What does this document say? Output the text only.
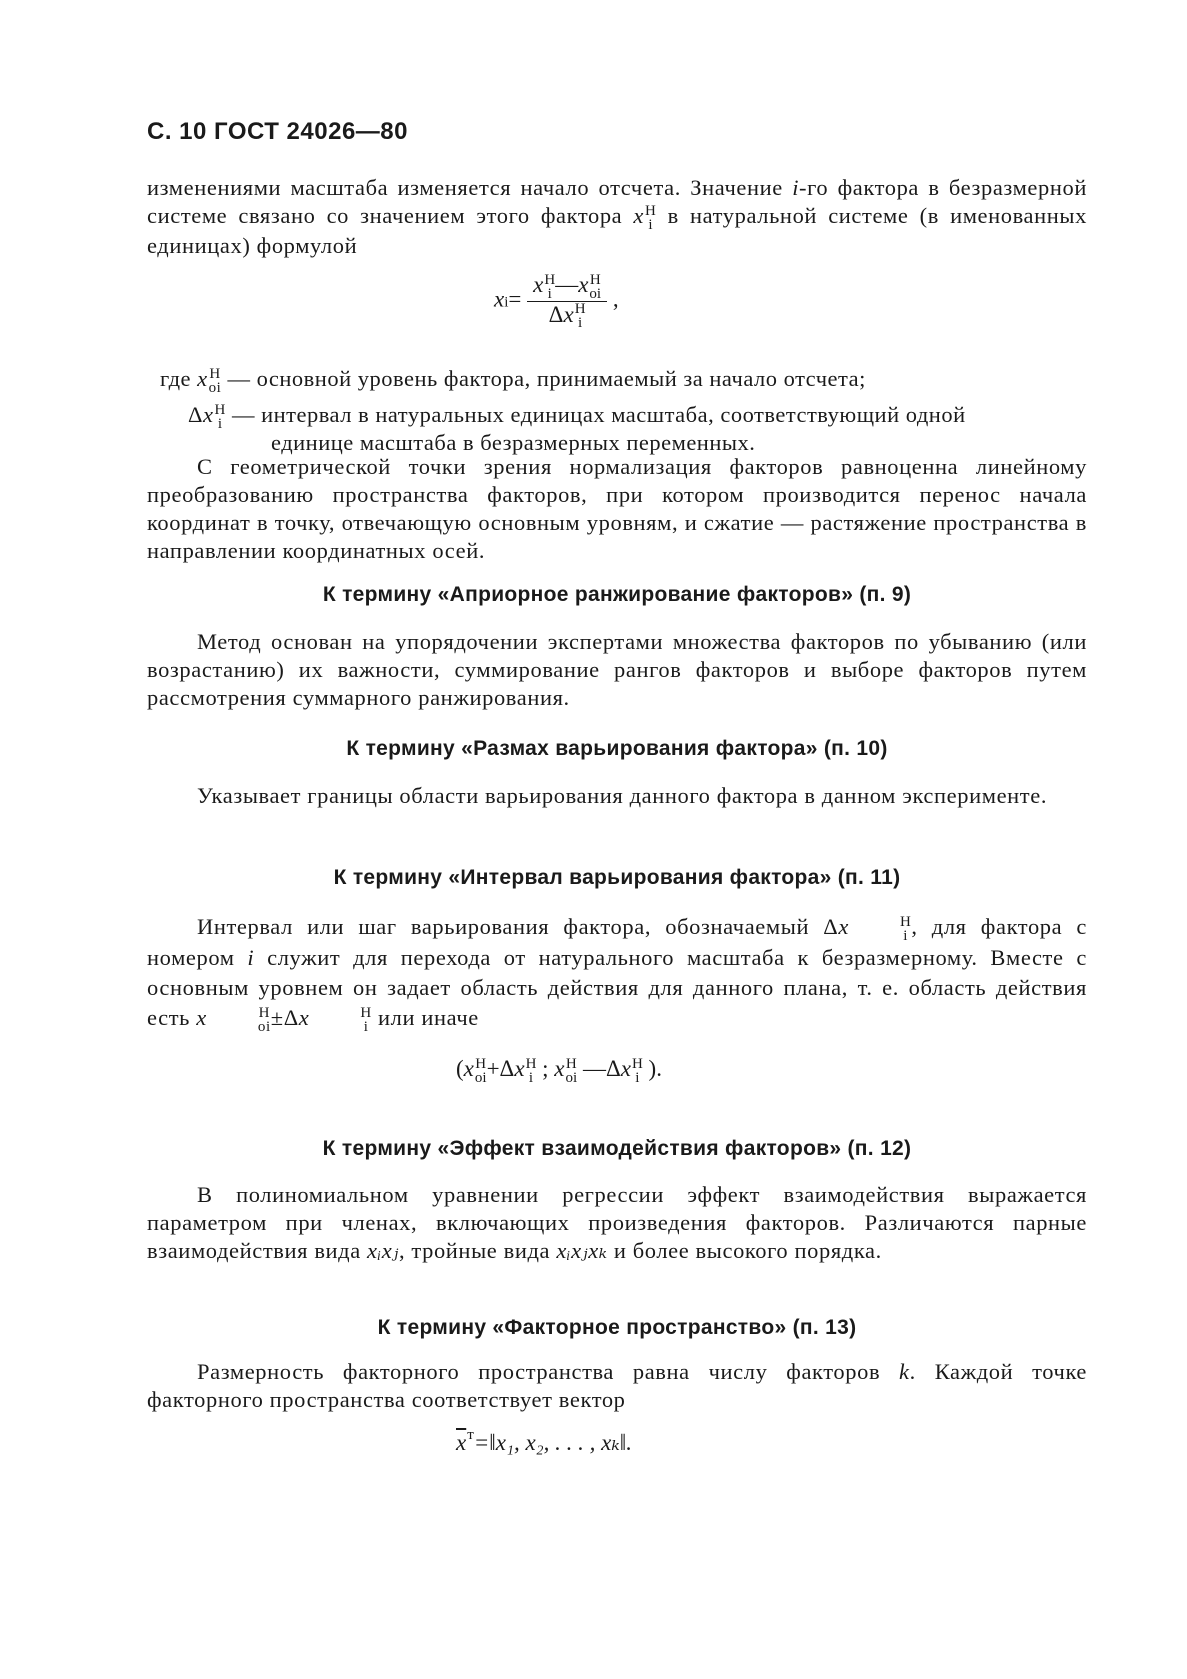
С. 10 ГОСТ 24026—80
изменениями масштаба изменяется начало отсчета. Значение i-го фактора в безразмерной системе связано со значением этого фактора x H
i в натуральной системе (в именованных единицах) формулой
xi= x H
i —x H
oi
Δx H
i ,
где x H
oi — основной уровень фактора, принимаемый за начало отсчета;
Δx H
i — интервал в натуральных единицах масштаба, соответствующий одной
единице масштаба в безразмерных переменных.
С геометрической точки зрения нормализация факторов равноценна линейному преобразованию пространства факторов, при котором производится перенос начала координат в точку, отвечающую основным уровням, и сжатие — растяжение пространства в направлении координатных осей.
К термину «Априорное ранжирование факторов» (п. 9)
Метод основан на упорядочении экспертами множества факторов по убыванию (или возрастанию) их важности, суммирование рангов факторов и выборе факторов путем рассмотрения суммарного ранжирования.
К термину «Размах варьирования фактора» (п. 10)
Указывает границы области варьирования данного фактора в данном эксперименте.
К термину «Интервал варьирования фактора» (п. 11)
Интервал или шаг варьирования фактора, обозначаемый Δx	H
i , для фактора с номером i служит для перехода от натурального масштаба к безразмерному. Вместе с основным уровнем он задает область действия для данного плана, т. е. область действия есть x	H
oi ±Δx	H
i или иначе
(x H
oi +Δx H
i ; x H
oi —Δx H
i ).
К термину «Эффект взаимодействия факторов» (п. 12)
В полиномиальном уравнении регрессии эффект взаимодействия выражается параметром при членах, включающих произведения факторов. Различаются парные взаимодействия вида xᵢxⱼ, тройные вида xᵢxⱼxₖ и более высокого порядка.
К термину «Факторное пространство» (п. 13)
Размерность факторного пространства равна числу факторов k. Каждой точке факторного пространства соответствует вектор
$\overline{x}^т=‖x_1$, x₂, . . . , xₖ‖.
